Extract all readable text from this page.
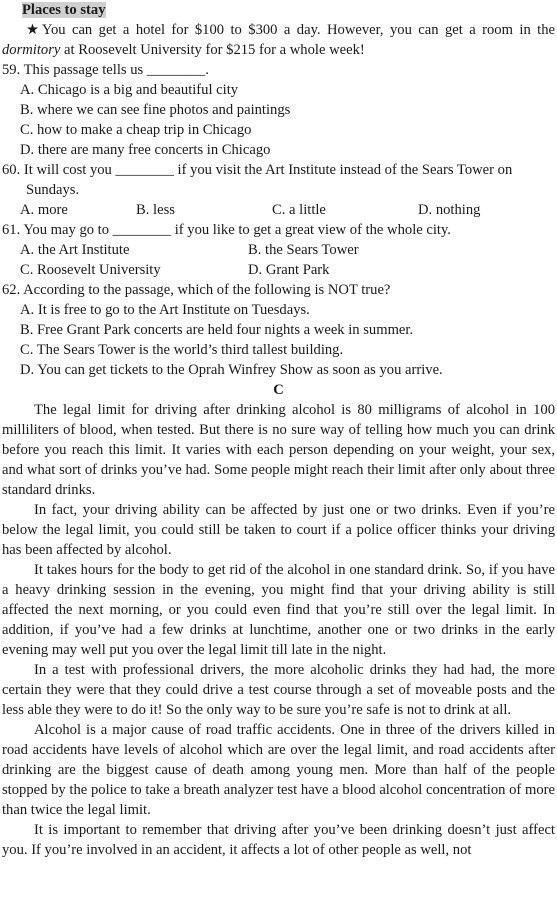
Places to stay
★You can get a hotel for $100 to $300 a day. However, you can get a room in the dormitory at Roosevelt University for $215 for a whole week!
59. This passage tells us ________.
A. Chicago is a big and beautiful city
B. where we can see fine photos and paintings
C. how to make a cheap trip in Chicago
D. there are many free concerts in Chicago
60. It will cost you ________ if you visit the Art Institute instead of the Sears Tower on
Sundays.
A. more	B. less	C. a little	D. nothing
61. You may go to ________ if you like to get a great view of the whole city.
A. the Art Institute	B. the Sears Tower
C. Roosevelt University	D. Grant Park
62. According to the passage, which of the following is NOT true?
A. It is free to go to the Art Institute on Tuesdays.
B. Free Grant Park concerts are held four nights a week in summer.
C. The Sears Tower is the world’s third tallest building.
D. You can get tickets to the Oprah Winfrey Show as soon as you arrive.
C
The legal limit for driving after drinking alcohol is 80 milligrams of alcohol in 100 milliliters of blood, when tested. But there is no sure way of telling how much you can drink before you reach this limit. It varies with each person depending on your weight, your sex, and what sort of drinks you’ve had. Some people might reach their limit after only about three standard drinks.
In fact, your driving ability can be affected by just one or two drinks. Even if you’re below the legal limit, you could still be taken to court if a police officer thinks your driving has been affected by alcohol.
It takes hours for the body to get rid of the alcohol in one standard drink. So, if you have a heavy drinking session in the evening, you might find that your driving ability is still affected the next morning, or you could even find that you’re still over the legal limit. In addition, if you’ve had a few drinks at lunchtime, another one or two drinks in the early evening may well put you over the legal limit till late in the night.
In a test with professional drivers, the more alcoholic drinks they had had, the more certain they were that they could drive a test course through a set of moveable posts and the less able they were to do it! So the only way to be sure you’re safe is not to drink at all.
Alcohol is a major cause of road traffic accidents. One in three of the drivers killed in road accidents have levels of alcohol which are over the legal limit, and road accidents after drinking are the biggest cause of death among young men. More than half of the people stopped by the police to take a breath analyzer test have a blood alcohol concentration of more than twice the legal limit.
It is important to remember that driving after you’ve been drinking doesn’t just affect you. If you’re involved in an accident, it affects a lot of other people as well, not
